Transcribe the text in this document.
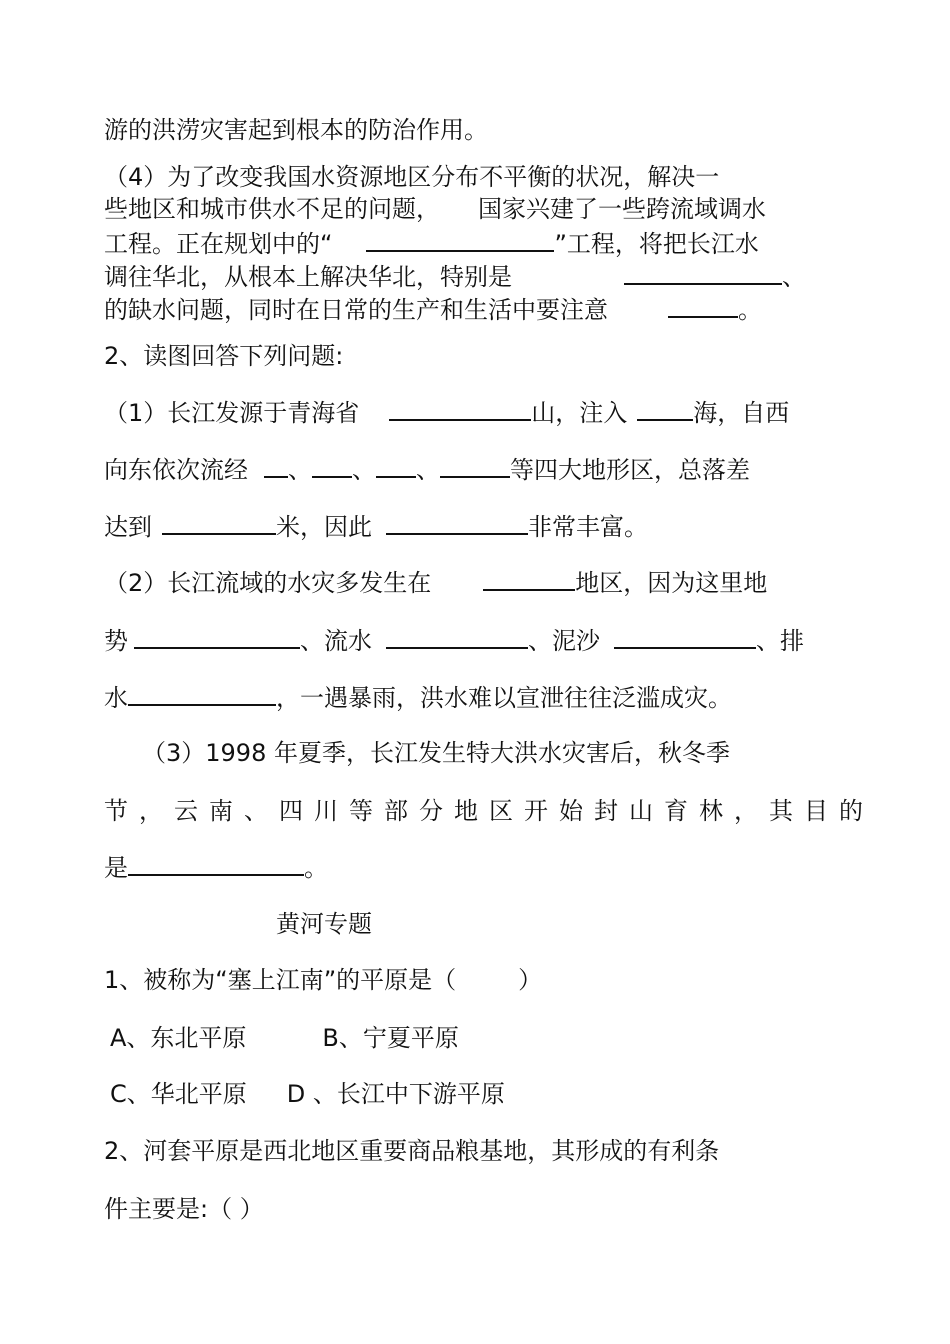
游的洪涝灾害起到根本的防治作用。
（4）为了改变我国水资源地区分布不平衡的状况，解决一
些地区和城市供水不足的问题， 国家兴建了一些跨流域调水
工程。正在规划中的“	”工程，将把长江水
调往华北，从根本上解决华北，特别是	、
的缺水问题，同时在日常的生产和生活中要注意	。
2、读图回答下列问题:
（1）长江发源于青海省	山，注入	海，自西
向东依次流经 、 、 、	等四大地形区，总落差
达到	米，因此	非常丰富。
（2）长江流域的水灾多发生在	地区，因为这里地
势	、流水	、泥沙	、排
水	，一遇暴雨，洪水难以宣泄往往泛滥成灾。
（3）1998 年夏季，长江发生特大洪水灾害后，秋冬季
节，云南、四川等部分地区开始封山育林，其目的
是	。
黄河专题
1、被称为“塞上江南”的平原是（	）
A、东北平原	B、宁夏平原
C、华北平原 D 、长江中下游平原
2、河套平原是西北地区重要商品粮基地，其形成的有利条
件主要是:（ ）
